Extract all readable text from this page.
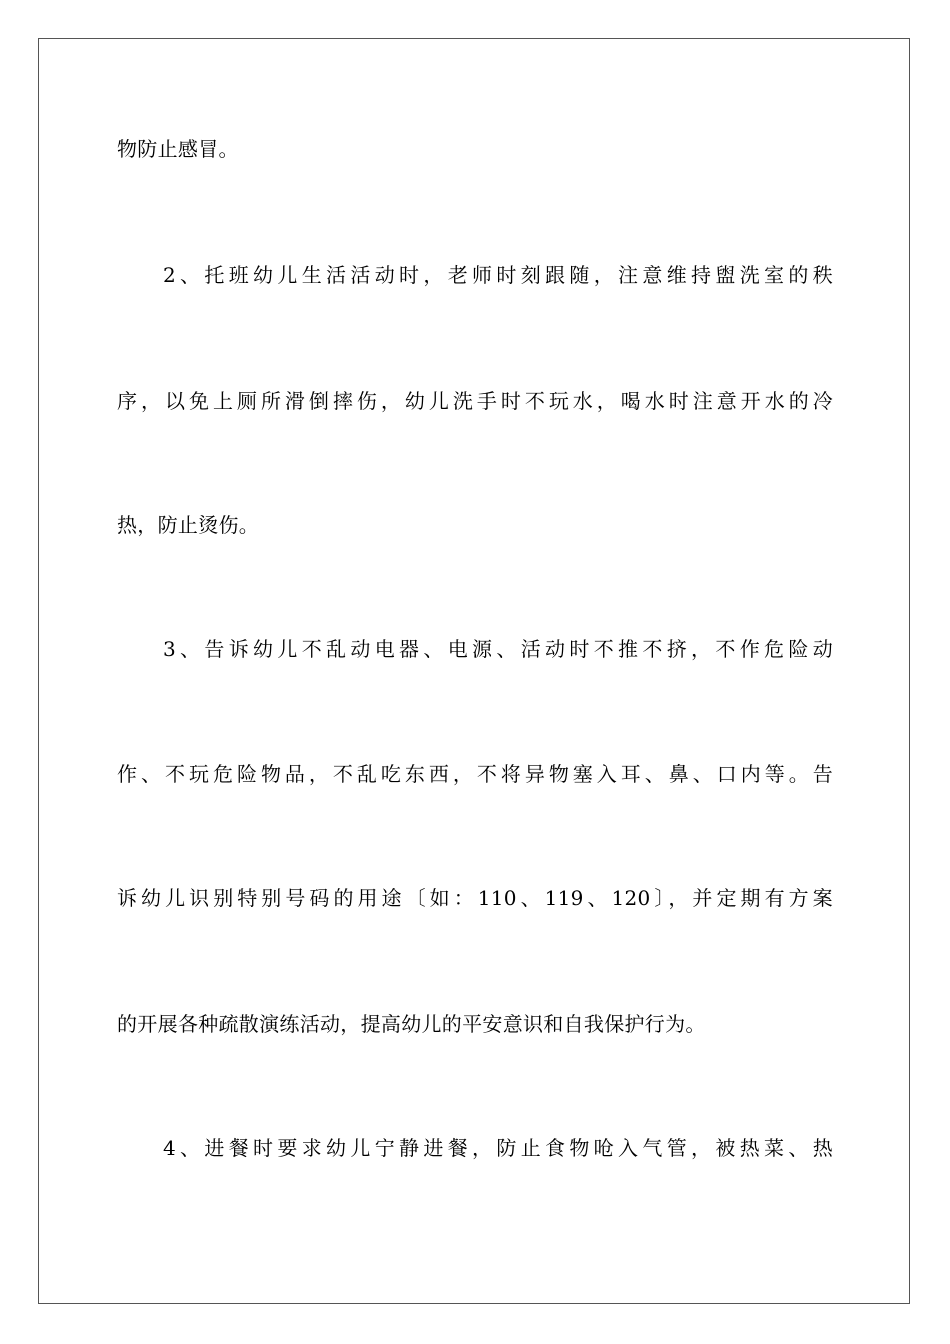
物防止感冒。
2、托班幼儿生活活动时，老师时刻跟随，注意维持盥洗室的秩
序，以免上厕所滑倒摔伤，幼儿洗手时不玩水，喝水时注意开水的冷
热，防止烫伤。
3、告诉幼儿不乱动电器、电源、活动时不推不挤，不作危险动
作、不玩危险物品，不乱吃东西，不将异物塞入耳、鼻、口内等。告
诉幼儿识别特别号码的用途〔如：110、119、120〕，并定期有方案
的开展各种疏散演练活动，提高幼儿的平安意识和自我保护行为。
4、进餐时要求幼儿宁静进餐，防止食物呛入气管，被热菜、热
